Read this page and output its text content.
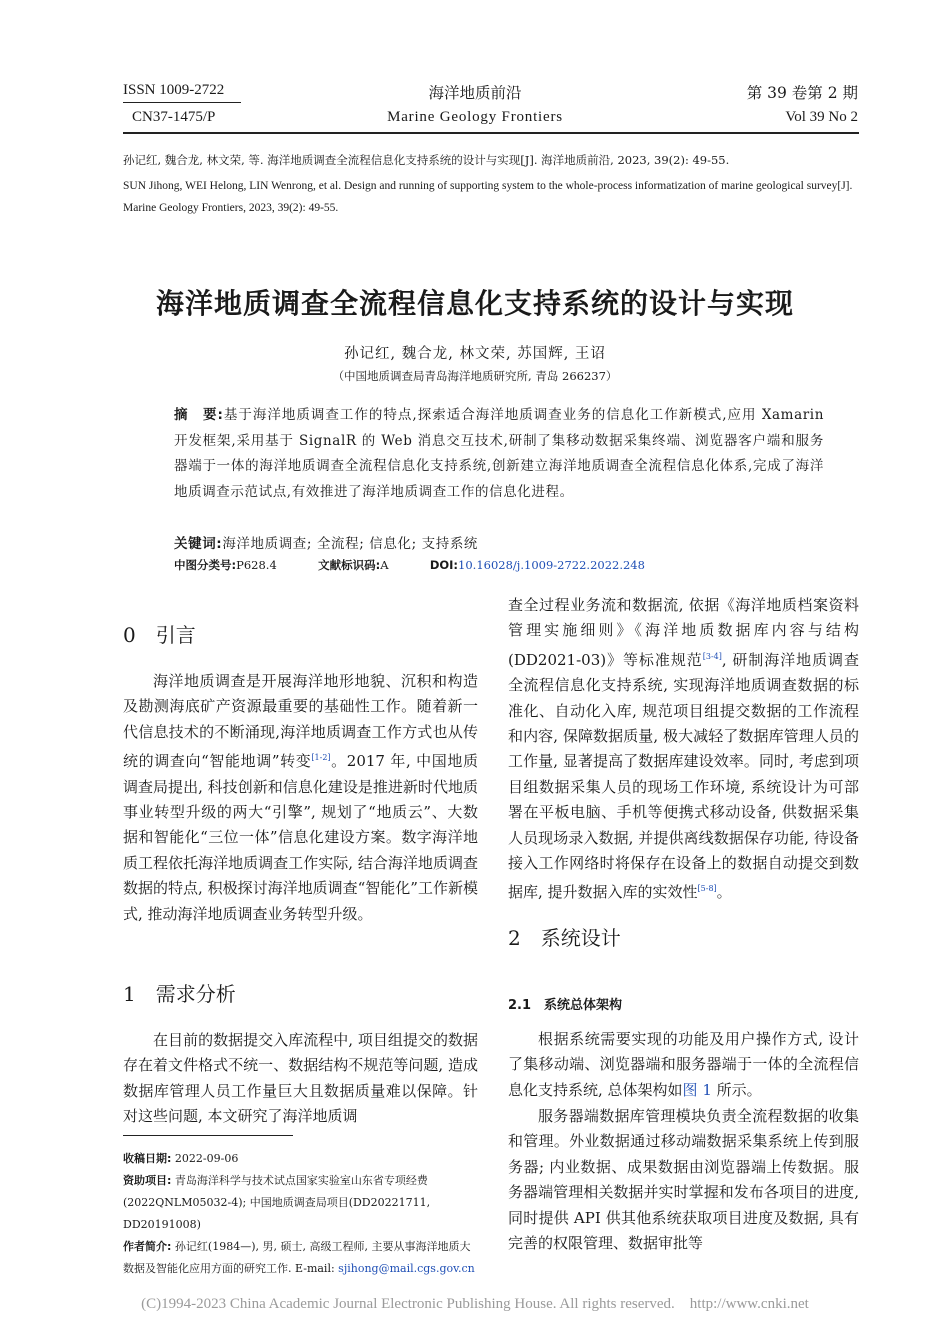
ISSN 1009-2722
CN37-1475/P
海洋地质前沿
Marine Geology Frontiers
第 39 卷第 2 期
Vol 39 No 2
孙记红, 魏合龙, 林文荣, 等. 海洋地质调查全流程信息化支持系统的设计与实现[J]. 海洋地质前沿, 2023, 39(2): 49-55.
SUN Jihong, WEI Helong, LIN Wenrong, et al. Design and running of supporting system to the whole-process informatization of marine geological survey[J]. Marine Geology Frontiers, 2023, 39(2): 49-55.
海洋地质调查全流程信息化支持系统的设计与实现
孙记红, 魏合龙, 林文荣, 苏国辉, 王诏
（中国地质调查局青岛海洋地质研究所, 青岛 266237）
摘　要:基于海洋地质调查工作的特点,探索适合海洋地质调查业务的信息化工作新模式,应用 Xamarin 开发框架,采用基于 SignalR 的 Web 消息交互技术,研制了集移动数据采集终端、浏览器客户端和服务器端于一体的海洋地质调查全流程信息化支持系统,创新建立海洋地质调查全流程信息化体系,完成了海洋地质调查示范试点,有效推进了海洋地质调查工作的信息化进程。
关键词:海洋地质调查; 全流程; 信息化; 支持系统
中图分类号:P628.4	文献标识码:A	DOI:10.16028/j.1009-2722.2022.248
0　引言
海洋地质调查是开展海洋地形地貌、沉积和构造及勘测海底矿产资源最重要的基础性工作。随着新一代信息技术的不断涌现,海洋地质调查工作方式也从传统的调查向“智能地调”转变[1-2]。2017 年, 中国地质调查局提出, 科技创新和信息化建设是推进新时代地质事业转型升级的两大“引擎”, 规划了“地质云”、大数据和智能化“三位一体”信息化建设方案。数字海洋地质工程依托海洋地质调查工作实际, 结合海洋地质调查数据的特点, 积极探讨海洋地质调查“智能化”工作新模式, 推动海洋地质调查业务转型升级。
1　需求分析
在目前的数据提交入库流程中, 项目组提交的数据存在着文件格式不统一、数据结构不规范等问题, 造成数据库管理人员工作量巨大且数据质量难以保障。针对这些问题, 本文研究了海洋地质调
收稿日期: 2022-09-06
资助项目: 青岛海洋科学与技术试点国家实验室山东省专项经费(2022QNLM05032-4); 中国地质调查局项目(DD20221711, DD20191008)
作者简介: 孙记红(1984—), 男, 硕士, 高级工程师, 主要从事海洋地质大数据及智能化应用方面的研究工作. E-mail: sjihong@mail.cgs.gov.cn
查全过程业务流和数据流, 依据《海洋地质档案资料管理实施细则》《海洋地质数据库内容与结构(DD2021-03)》等标准规范[3-4], 研制海洋地质调查全流程信息化支持系统, 实现海洋地质调查数据的标准化、自动化入库, 规范项目组提交数据的工作流程和内容, 保障数据质量, 极大减轻了数据库管理人员的工作量, 显著提高了数据库建设效率。同时, 考虑到项目组数据采集人员的现场工作环境, 系统设计为可部署在平板电脑、手机等便携式移动设备, 供数据采集人员现场录入数据, 并提供离线数据保存功能, 待设备接入工作网络时将保存在设备上的数据自动提交到数据库, 提升数据入库的实效性[5-8]。
2　系统设计
2.1　系统总体架构
根据系统需要实现的功能及用户操作方式, 设计了集移动端、浏览器端和服务器端于一体的全流程信息化支持系统, 总体架构如图 1 所示。
服务器端数据库管理模块负责全流程数据的收集和管理。外业数据通过移动端数据采集系统上传到服务器; 内业数据、成果数据由浏览器端上传数据。服务器端管理相关数据并实时掌握和发布各项目的进度, 同时提供 API 供其他系统获取项目进度及数据, 具有完善的权限管理、数据审批等
(C)1994-2023 China Academic Journal Electronic Publishing House. All rights reserved.    http://www.cnki.net
